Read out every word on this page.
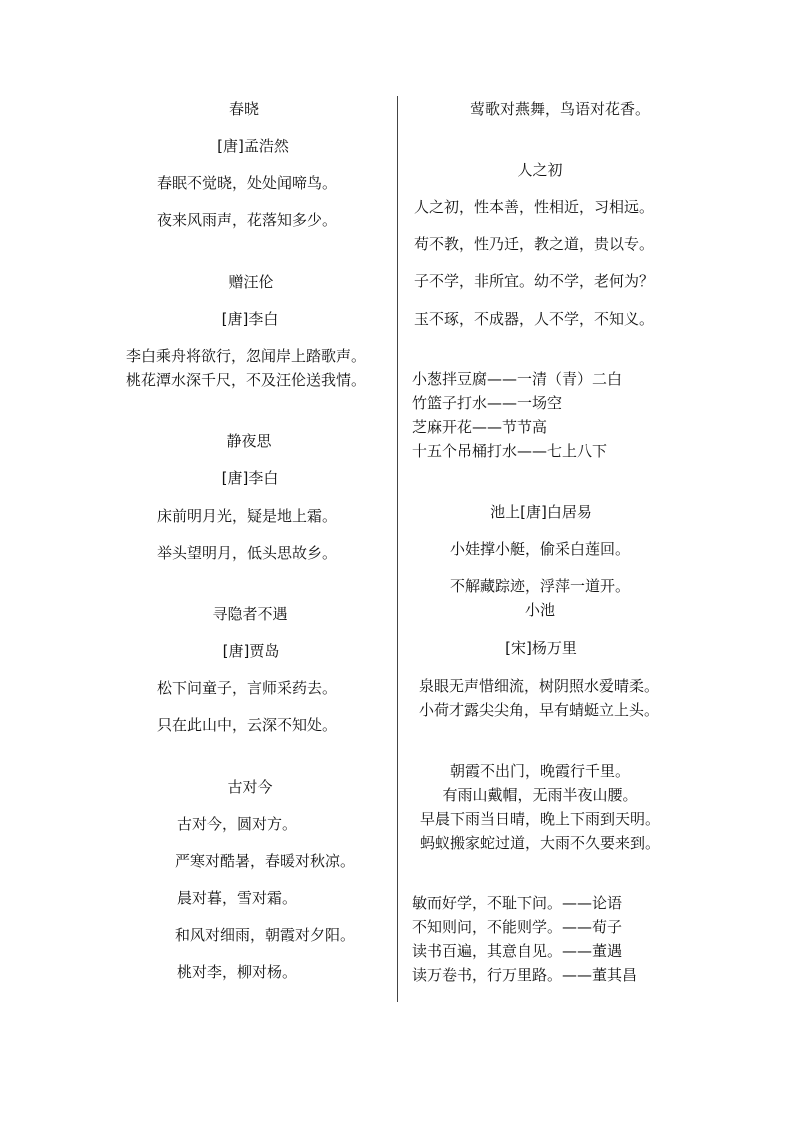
春晓
[唐]孟浩然
春眠不觉晓，处处闻啼鸟。
夜来风雨声，花落知多少。
赠汪伦
[唐]李白
李白乘舟将欲行，忽闻岸上踏歌声。
桃花潭水深千尺，不及汪伦送我情。
静夜思
[唐]李白
床前明月光，疑是地上霜。
举头望明月，低头思故乡。
寻隐者不遇
[唐]贾岛
松下问童子，言师采药去。
只在此山中，云深不知处。
古对今
古对今，圆对方。
严寒对酷暑，春暖对秋凉。
晨对暮，雪对霜。
和风对细雨，朝霞对夕阳。
桃对李，柳对杨。
莺歌对燕舞，鸟语对花香。
人之初
人之初，性本善，性相近，习相远。
苟不教，性乃迁，教之道，贵以专。
子不学，非所宜。幼不学，老何为？
玉不琢，不成器，人不学，不知义。
小葱拌豆腐——一清（青）二白
竹篮子打水——一场空
芝麻开花——节节高
十五个吊桶打水——七上八下
池上[唐]白居易
小娃撑小艇，偷采白莲回。
不解藏踪迹，浮萍一道开。
小池
[宋]杨万里
泉眼无声惜细流，树阴照水爱晴柔。
小荷才露尖尖角，早有蜻蜓立上头。
朝霞不出门，晚霞行千里。
有雨山戴帽，无雨半夜山腰。
早晨下雨当日晴，晚上下雨到天明。
蚂蚁搬家蛇过道，大雨不久要来到。
敏而好学，不耻下问。——论语
不知则问，不能则学。——荀子
读书百遍，其意自见。——董遇
读万卷书，行万里路。——董其昌
